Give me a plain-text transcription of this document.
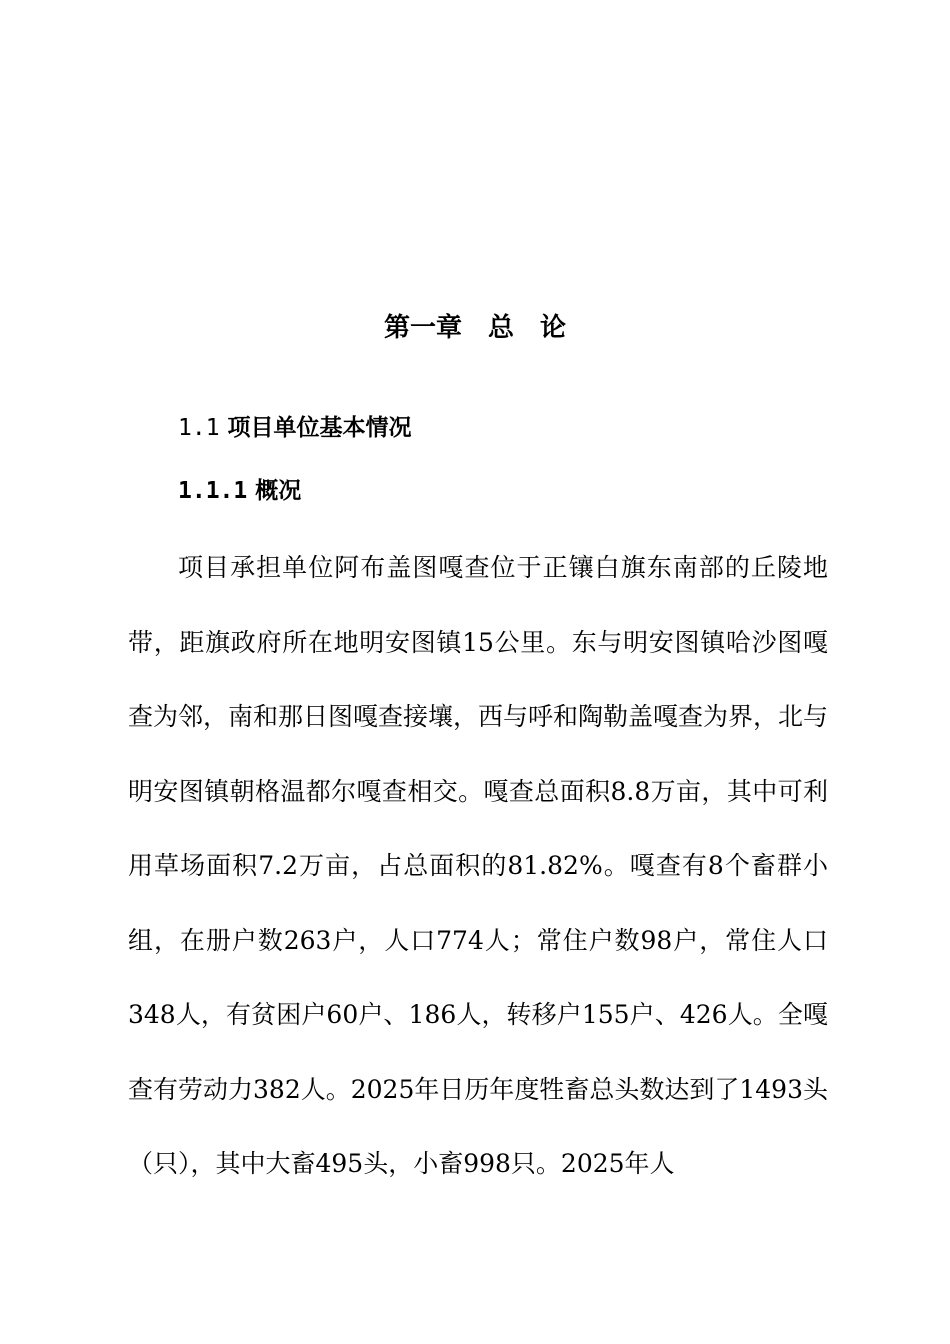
第一章　总　论
1.1 项目单位基本情况
1.1.1 概况

项目承担单位阿布盖图嘎查位于正镶白旗东南部的丘陵地带，距旗政府所在地明安图镇15公里。东与明安图镇哈沙图嘎查为邻，南和那日图嘎查接壤，西与呼和陶勒盖嘎查为界，北与明安图镇朝格温都尔嘎查相交。嘎查总面积8.8万亩，其中可利用草场面积7.2万亩，占总面积的81.82%。嘎查有8个畜群小组，在册户数263户，人口774人；常住户数98户，常住人口348人，有贫困户60户、186人，转移户155户、426人。全嘎查有劳动力382人。2025年日历年度牲畜总头数达到了1493头（只），其中大畜495头，小畜998只。2025年人
